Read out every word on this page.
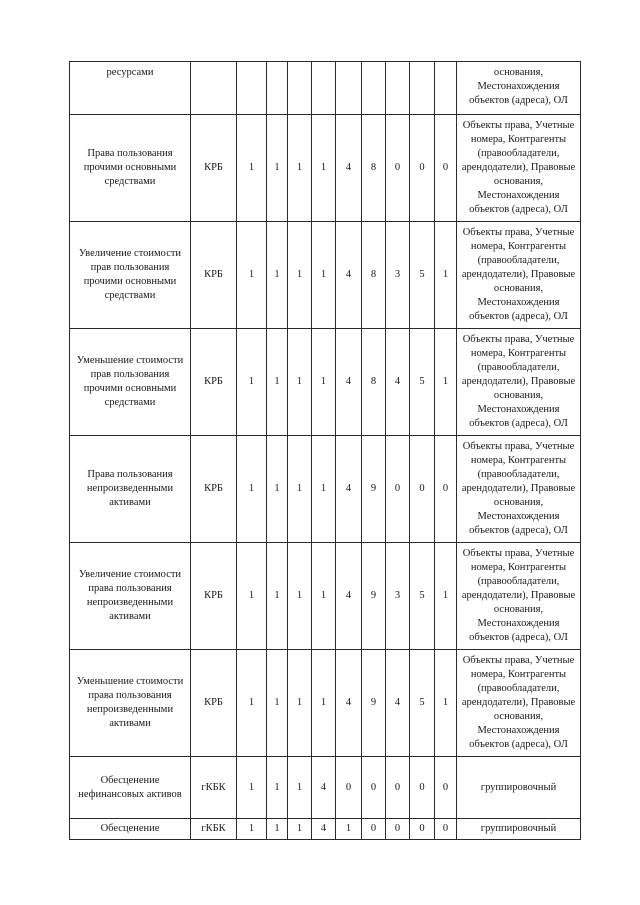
ресурсами											основания, Местонахождения объектов (адреса), ОЛ
Права пользования прочими основными средствами	КРБ	1	1	1	1	4	8	0	0	0	Объекты права, Учетные номера, Контрагенты (правообладатели, арендодатели), Правовые основания, Местонахождения объектов (адреса), ОЛ
Увеличение стоимости прав пользования прочими основными средствами	КРБ	1	1	1	1	4	8	3	5	1	Объекты права, Учетные номера, Контрагенты (правообладатели, арендодатели), Правовые основания, Местонахождения объектов (адреса), ОЛ
Уменьшение стоимости прав пользования прочими основными средствами	КРБ	1	1	1	1	4	8	4	5	1	Объекты права, Учетные номера, Контрагенты (правообладатели, арендодатели), Правовые основания, Местонахождения объектов (адреса), ОЛ
Права пользования непроизведенными активами	КРБ	1	1	1	1	4	9	0	0	0	Объекты права, Учетные номера, Контрагенты (правообладатели, арендодатели), Правовые основания, Местонахождения объектов (адреса), ОЛ
Увеличение стоимости права пользования непроизведенными активами	КРБ	1	1	1	1	4	9	3	5	1	Объекты права, Учетные номера, Контрагенты (правообладатели, арендодатели), Правовые основания, Местонахождения объектов (адреса), ОЛ
Уменьшение стоимости права пользования непроизведенными активами	КРБ	1	1	1	1	4	9	4	5	1	Объекты права, Учетные номера, Контрагенты (правообладатели, арендодатели), Правовые основания, Местонахождения объектов (адреса), ОЛ
Обесценение нефинансовых активов	гКБК	1	1	1	4	0	0	0	0	0	группировочный
Обесценение	гКБК	1	1	1	4	1	0	0	0	0	группировочный
